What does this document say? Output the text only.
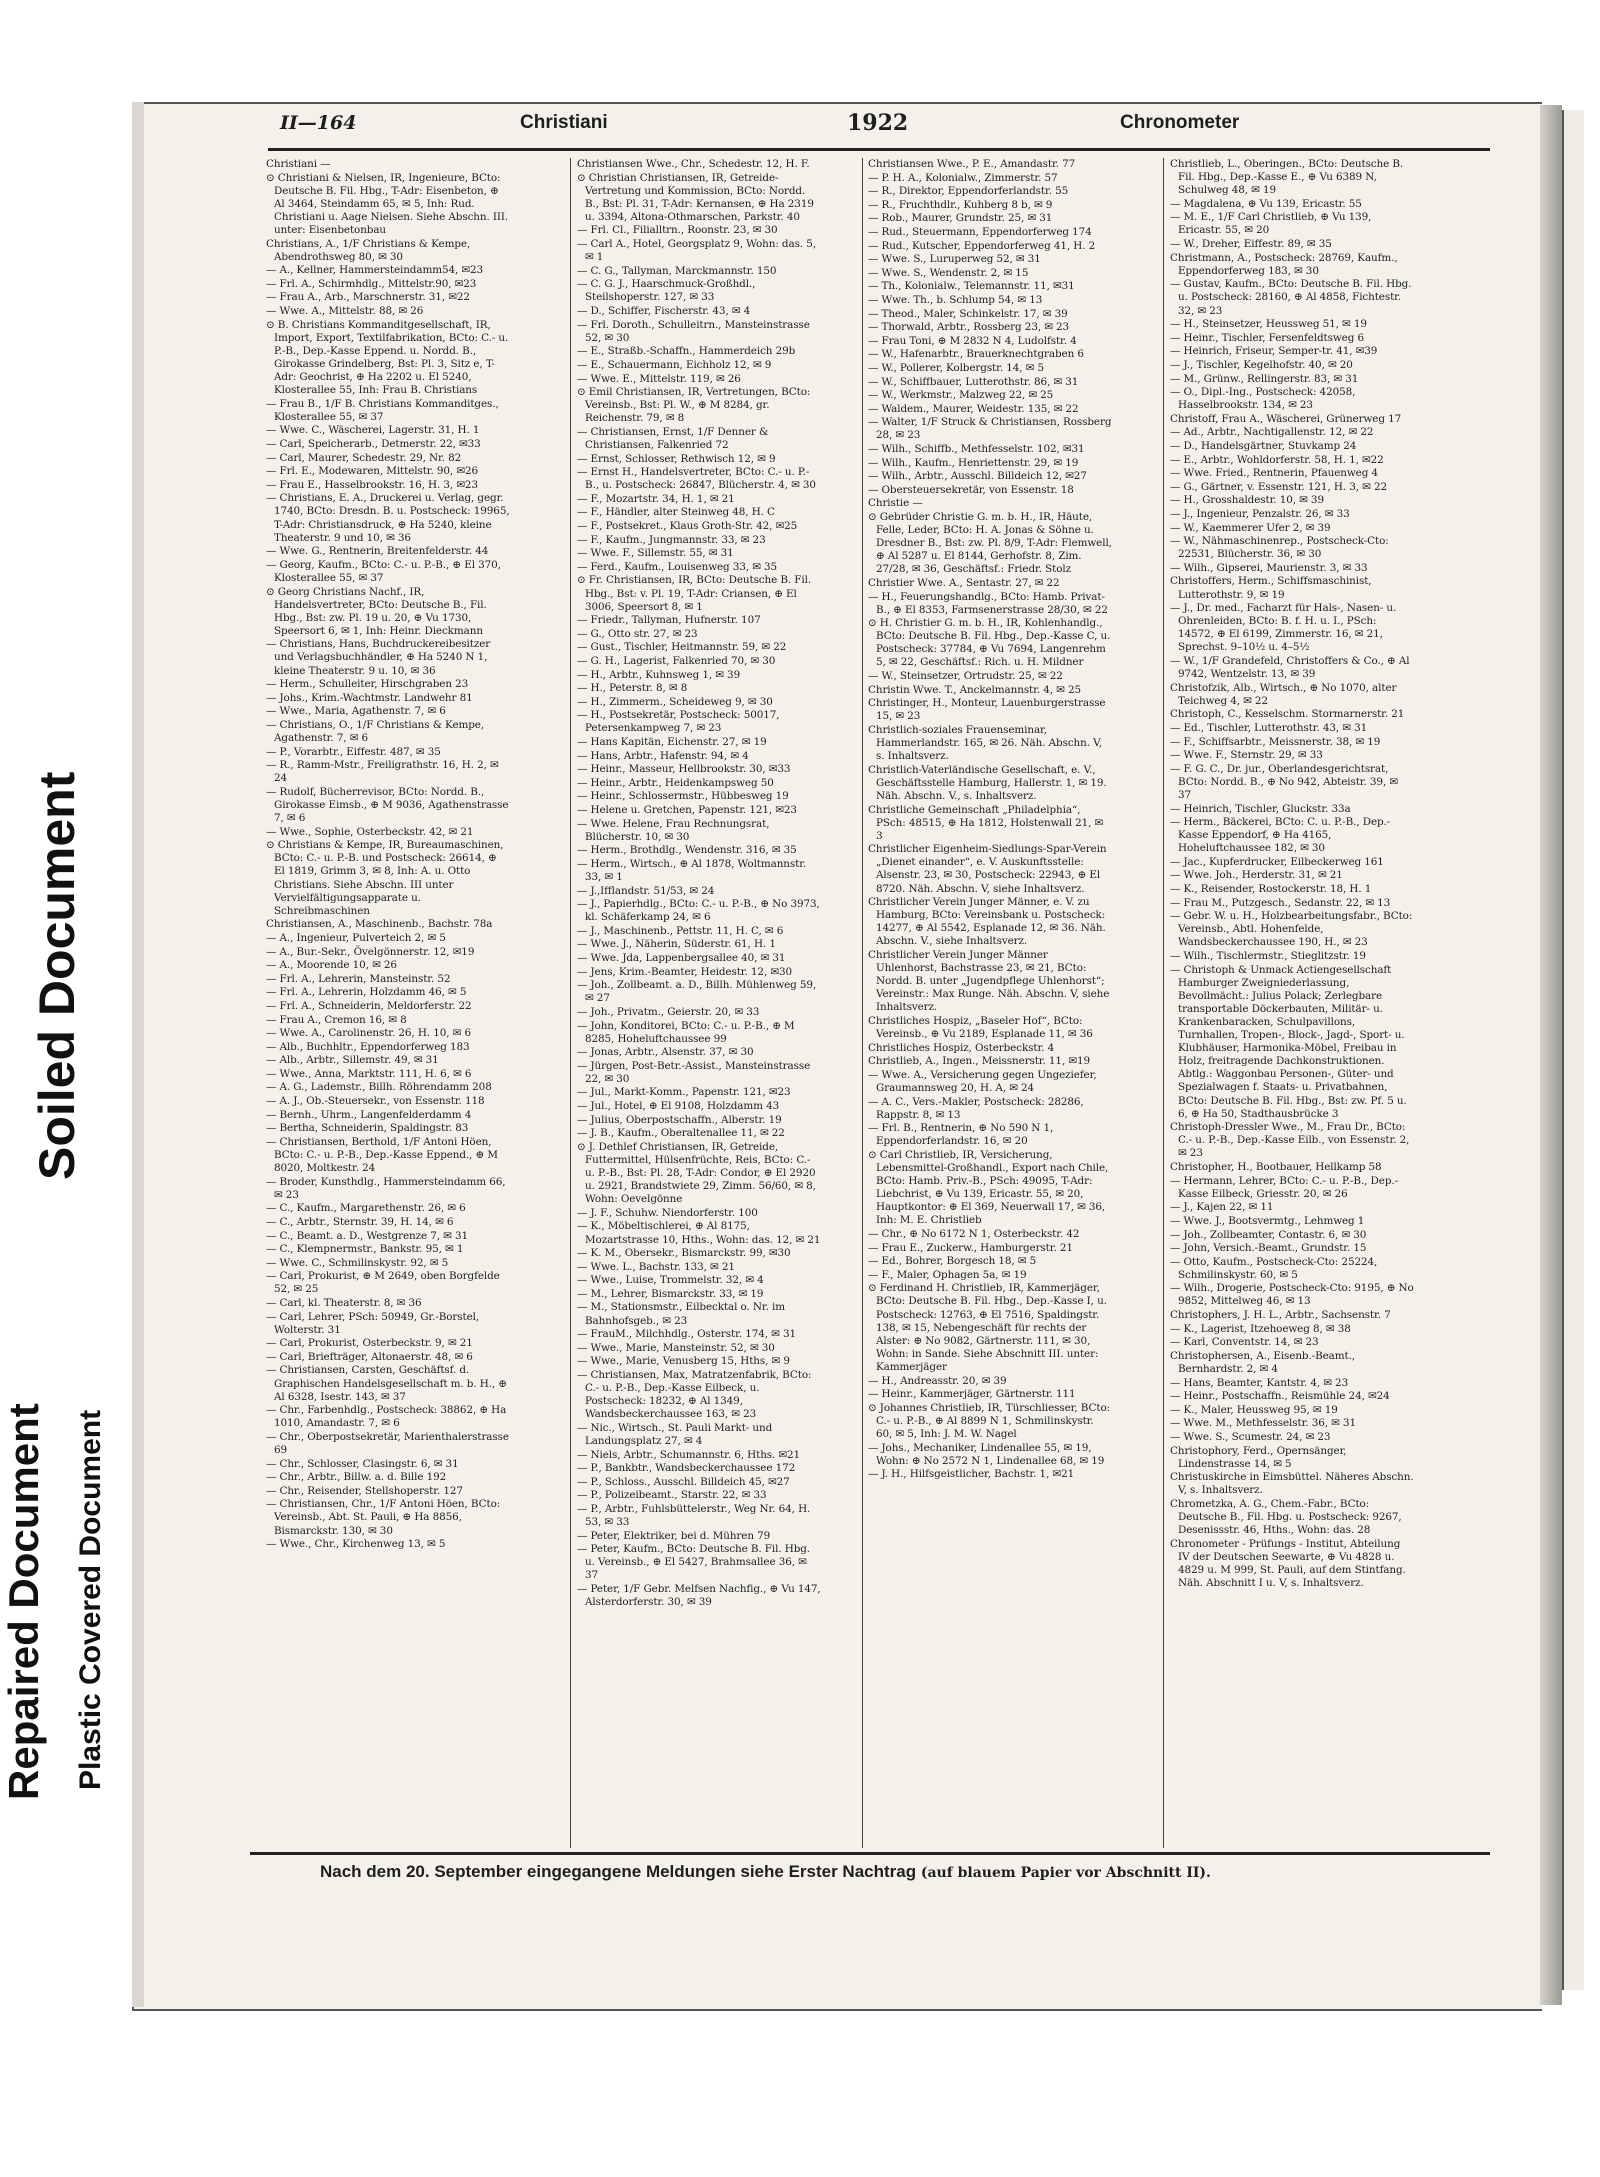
Soiled Document
Repaired Document Plastic Covered Document
II—164	Christiani	1922	Chronometer
Christiani —
⊙ Christiani & Nielsen, IR, Ingenieure, BCto: Deutsche B. Fil. Hbg., T-Adr: Eisenbeton, ⊕ Al 3464, Steindamm 65, ✉ 5, Inh: Rud. Christiani u. Aage Nielsen. Siehe Abschn. III. unter: Eisenbetonbau
Christians, A., 1/F Christians & Kempe, Abendrothsweg 80, ✉ 30
— A., Kellner, Hammersteindamm54, ✉23
— Frl. A., Schirmhdlg., Mittelstr.90, ✉23
— Frau A., Arb., Marschnerstr. 31, ✉22
— Wwe. A., Mittelstr. 88, ✉ 26
⊙ B. Christians Kommanditgesellschaft, IR, Import, Export, Textilfabrikation, BCto: C.- u. P.-B., Dep.-Kasse Eppend. u. Nordd. B., Girokasse Grindelberg, Bst: Pl. 3, Sitz e, T-Adr: Geochrist, ⊕ Ha 2202 u. El 5240, Klosterallee 55, Inh: Frau B. Christians
— Frau B., 1/F B. Christians Kommanditges., Klosterallee 55, ✉ 37
— Wwe. C., Wäscherei, Lagerstr. 31, H. 1
— Carl, Speicherarb., Detmerstr. 22, ✉33
— Carl, Maurer, Schedestr. 29, Nr. 82
— Frl. E., Modewaren, Mittelstr. 90, ✉26
— Frau E., Hasselbrookstr. 16, H. 3, ✉23
— Christians, E. A., Druckerei u. Verlag, gegr. 1740, BCto: Dresdn. B. u. Postscheck: 19965, T-Adr: Christiansdruck, ⊕ Ha 5240, kleine Theaterstr. 9 und 10, ✉ 36
— Wwe. G., Rentnerin, Breitenfelderstr. 44
— Georg, Kaufm., BCto: C.- u. P.-B., ⊕ El 370, Klosterallee 55, ✉ 37
⊙ Georg Christians Nachf., IR, Handelsvertreter, BCto: Deutsche B., Fil. Hbg., Bst: zw. Pl. 19 u. 20, ⊕ Vu 1730, Speersort 6, ✉ 1, Inh: Heinr. Dieckmann
— Christians, Hans, Buchdruckereibesitzer und Verlagsbuchhändler, ⊕ Ha 5240 N 1, kleine Theaterstr. 9 u. 10, ✉ 36
— Herm., Schulleiter, Hirschgraben 23
— Johs., Krim.-Wachtmstr. Landwehr 81
— Wwe., Maria, Agathenstr. 7, ✉ 6
— Christians, O., 1/F Christians & Kempe, Agathenstr. 7, ✉ 6
— P., Vorarbtr., Eiffestr. 487, ✉ 35
— R., Ramm-Mstr., Freiligrathstr. 16, H. 2, ✉ 24
— Rudolf, Bücherrevisor, BCto: Nordd. B., Girokasse Eimsb., ⊕ M 9036, Agathenstrasse 7, ✉ 6
— Wwe., Sophie, Osterbeckstr. 42, ✉ 21
⊙ Christians & Kempe, IR, Bureaumaschinen, BCto: C.- u. P.-B. und Postscheck: 26614, ⊕ El 1819, Grimm 3, ✉ 8, Inh: A. u. Otto Christians. Siehe Abschn. III unter Vervielfältigungsapparate u. Schreibmaschinen
Christiansen, A., Maschinenb., Bachstr. 78a
— A., Ingenieur, Pulverteich 2, ✉ 5
— A., Bur.-Sekr., Övelgönnerstr. 12, ✉19
— A., Moorende 10, ✉ 26
— Frl. A., Lehrerin, Mansteinstr. 52
— Frl. A., Lehrerin, Holzdamm 46, ✉ 5
— Frl. A., Schneiderin, Meldorferstr. 22
— Frau A., Cremon 16, ✉ 8
— Wwe. A., Carolinenstr. 26, H. 10, ✉ 6
— Alb., Buchhltr., Eppendorferweg 183
— Alb., Arbtr., Sillemstr. 49, ✉ 31
— Wwe., Anna, Marktstr. 111, H. 6, ✉ 6
— A. G., Lademstr., Billh. Röhrendamm 208
— A. J., Ob.-Steuersekr., von Essenstr. 118
— Bernh., Uhrm., Langenfelderdamm 4
— Bertha, Schneiderin, Spaldingstr. 83
— Christiansen, Berthold, 1/F Antoni Höen, BCto: C.- u. P.-B., Dep.-Kasse Eppend., ⊕ M 8020, Moltkestr. 24
— Broder, Kunsthdlg., Hammersteindamm 66, ✉ 23
— C., Kaufm., Margarethenstr. 26, ✉ 6
— C., Arbtr., Sternstr. 39, H. 14, ✉ 6
— C., Beamt. a. D., Westgrenze 7, ✉ 31
— C., Klempnermstr., Bankstr. 95, ✉ 1
— Wwe. C., Schmilinskystr. 92, ✉ 5
— Carl, Prokurist, ⊕ M 2649, oben Borgfelde 52, ✉ 25
— Carl, kl. Theaterstr. 8, ✉ 36
— Carl, Lehrer, PSch: 50949, Gr.-Borstel, Wolterstr. 31
— Carl, Prokurist, Osterbeckstr. 9, ✉ 21
— Carl, Briefträger, Altonaerstr. 48, ✉ 6
— Christiansen, Carsten, Geschäftsf. d. Graphischen Handelsgesellschaft m. b. H., ⊕ Al 6328, Isestr. 143, ✉ 37
— Chr., Farbenhdlg., Postscheck: 38862, ⊕ Ha 1010, Amandastr. 7, ✉ 6
— Chr., Oberpostsekretär, Marienthalerstrasse 69
— Chr., Schlosser, Clasingstr. 6, ✉ 31
— Chr., Arbtr., Billw. a. d. Bille 192
— Chr., Reisender, Stellshoperstr. 127
— Christiansen, Chr., 1/F Antoni Höen, BCto: Vereinsb., Abt. St. Pauli, ⊕ Ha 8856, Bismarckstr. 130, ✉ 30
— Wwe., Chr., Kirchenweg 13, ✉ 5
Christiansen Wwe., Chr., Schedestr. 12, H. F.
⊙ Christian Christiansen, IR, Getreide-Vertretung und Kommission, BCto: Nordd. B., Bst: Pl. 31, T-Adr: Kernansen, ⊕ Ha 2319 u. 3394, Altona-Othmarschen, Parkstr. 40
— Frl. Cl., Filialltrn., Roonstr. 23, ✉ 30
— Carl A., Hotel, Georgsplatz 9, Wohn: das. 5, ✉ 1
— C. G., Tallyman, Marckmannstr. 150
— C. G. J., Haarschmuck-Großhdl., Steilshoperstr. 127, ✉ 33
— D., Schiffer, Fischerstr. 43, ✉ 4
— Frl. Doroth., Schulleitrn., Mansteinstrasse 52, ✉ 30
— E., Straßb.-Schaffn., Hammerdeich 29b
— E., Schauermann, Eichholz 12, ✉ 9
— Wwe. E., Mittelstr. 119, ✉ 26
⊙ Emil Christiansen, IR, Vertretungen, BCto: Vereinsb., Bst: Pl. W., ⊕ M 8284, gr. Reichenstr. 79, ✉ 8
— Christiansen, Ernst, 1/F Denner & Christiansen, Falkenried 72
— Ernst, Schlosser, Rethwisch 12, ✉ 9
— Ernst H., Handelsvertreter, BCto: C.- u. P.-B., u. Postscheck: 26847, Blücherstr. 4, ✉ 30
— F., Mozartstr. 34, H. 1, ✉ 21
— F., Händler, alter Steinweg 48, H. C
— F., Postsekret., Klaus Groth-Str. 42, ✉25
— F., Kaufm., Jungmannstr. 33, ✉ 23
— Wwe. F., Sillemstr. 55, ✉ 31
— Ferd., Kaufm., Louisenweg 33, ✉ 35
⊙ Fr. Christiansen, IR, BCto: Deutsche B. Fil. Hbg., Bst: v. Pl. 19, T-Adr: Criansen, ⊕ El 3006, Speersort 8, ✉ 1
— Friedr., Tallyman, Hufnerstr. 107
— G., Otto str. 27, ✉ 23
— Gust., Tischler, Heitmannstr. 59, ✉ 22
— G. H., Lagerist, Falkenried 70, ✉ 30
— H., Arbtr., Kuhnsweg 1, ✉ 39
— H., Peterstr. 8, ✉ 8
— H., Zimmerm., Scheideweg 9, ✉ 30
— H., Postsekretär, Postscheck: 50017, Petersenkampweg 7, ✉ 23
— Hans Kapitän, Eichenstr. 27, ✉ 19
— Hans, Arbtr., Hafenstr. 94, ✉ 4
— Heinr., Masseur, Hellbrookstr. 30, ✉33
— Heinr., Arbtr., Heidenkampsweg 50
— Heinr., Schlossermstr., Hübbesweg 19
— Helene u. Gretchen, Papenstr. 121, ✉23
— Wwe. Helene, Frau Rechnungsrat, Blücherstr. 10, ✉ 30
— Herm., Brothdlg., Wendenstr. 316, ✉ 35
— Herm., Wirtsch., ⊕ Al 1878, Woltmannstr. 33, ✉ 1
— J.,Ifflandstr. 51/53, ✉ 24
— J., Papierhdlg., BCto: C.- u. P.-B., ⊕ No 3973, kl. Schäferkamp 24, ✉ 6
— J., Maschinenb., Pettstr. 11, H. C, ✉ 6
— Wwe. J., Näherin, Süderstr. 61, H. 1
— Wwe. Jda, Lappenbergsallee 40, ✉ 31
— Jens, Krim.-Beamter, Heidestr. 12, ✉30
— Joh., Zollbeamt. a. D., Billh. Mühlenweg 59, ✉ 27
— Joh., Privatm., Geierstr. 20, ✉ 33
— John, Konditorei, BCto: C.- u. P.-B., ⊕ M 8285, Hoheluftchaussee 99
— Jonas, Arbtr., Alsenstr. 37, ✉ 30
— Jürgen, Post-Betr.-Assist., Mansteinstrasse 22, ✉ 30
— Jul., Markt-Komm., Papenstr. 121, ✉23
— Jul., Hotel, ⊕ El 9108, Holzdamm 43
— Julius, Oberpostschaffn., Alberstr. 19
— J. B., Kaufm., Oberaltenallee 11, ✉ 22
⊙ J. Dethlef Christiansen, IR, Getreide, Futtermittel, Hülsenfrüchte, Reis, BCto: C.- u. P.-B., Bst: Pl. 28, T-Adr: Condor, ⊕ El 2920 u. 2921, Brandstwiete 29, Zimm. 56/60, ✉ 8, Wohn: Oevelgönne
— J. F., Schuhw. Niendorferstr. 100
— K., Möbeltischlerei, ⊕ Al 8175, Mozartstrasse 10, Hths., Wohn: das. 12, ✉ 21
— K. M., Obersekr., Bismarckstr. 99, ✉30
— Wwe. L., Bachstr. 133, ✉ 21
— Wwe., Luise, Trommelstr. 32, ✉ 4
— M., Lehrer, Bismarckstr. 33, ✉ 19
— M., Stationsmstr., Eilbecktal o. Nr. im Bahnhofsgeb., ✉ 23
— FrauM., Milchhdlg., Osterstr. 174, ✉ 31
— Wwe., Marie, Mansteinstr. 52, ✉ 30
— Wwe., Marie, Venusberg 15, Hths, ✉ 9
— Christiansen, Max, Matratzenfabrik, BCto: C.- u. P.-B., Dep.-Kasse Eilbeck, u. Postscheck: 18232, ⊕ Al 1349, Wandsbeckerchaussee 163, ✉ 23
— Nic., Wirtsch., St. Pauli Markt- und Landungsplatz 27, ✉ 4
— Niels, Arbtr., Schumannstr. 6, Hths. ✉21
— P., Bankbtr., Wandsbeckerchaussee 172
— P., Schloss., Ausschl. Billdeich 45, ✉27
— P., Polizeibeamt., Starstr. 22, ✉ 33
— P., Arbtr., Fuhlsbüttelerstr., Weg Nr. 64, H. 53, ✉ 33
— Peter, Elektriker, bei d. Mühren 79
— Peter, Kaufm., BCto: Deutsche B. Fil. Hbg. u. Vereinsb., ⊕ El 5427, Brahmsallee 36, ✉ 37
— Peter, 1/F Gebr. Melfsen Nachfig., ⊕ Vu 147, Alsterdorferstr. 30, ✉ 39
Christiansen Wwe., P. E., Amandastr. 77
— P. H. A., Kolonialw., Zimmerstr. 57
— R., Direktor, Eppendorferlandstr. 55
— R., Fruchthdlr., Kuhberg 8 b, ✉ 9
— Rob., Maurer, Grundstr. 25, ✉ 31
— Rud., Steuermann, Eppendorferweg 174
— Rud., Kutscher, Eppendorferweg 41, H. 2
— Wwe. S., Luruperweg 52, ✉ 31
— Wwe. S., Wendenstr. 2, ✉ 15
— Th., Kolonialw., Telemannstr. 11, ✉31
— Wwe. Th., b. Schlump 54, ✉ 13
— Theod., Maler, Schinkelstr. 17, ✉ 39
— Thorwald, Arbtr., Rossberg 23, ✉ 23
— Frau Toni, ⊕ M 2832 N 4, Ludolfstr. 4
— W., Hafenarbtr., Brauerknechtgraben 6
— W., Pollerer, Kolbergstr. 14, ✉ 5
— W., Schiffbauer, Lutterothstr. 86, ✉ 31
— W., Werkmstr., Malzweg 22, ✉ 25
— Waldem., Maurer, Weidestr. 135, ✉ 22
— Walter, 1/F Struck & Christiansen, Rossberg 28, ✉ 23
— Wilh., Schiffb., Methfesselstr. 102, ✉31
— Wilh., Kaufm., Henriettenstr. 29, ✉ 19
— Wilh., Arbtr., Ausschl. Billdeich 12, ✉27
— Obersteuersekretär, von Essenstr. 18
Christie —
⊙ Gebrüder Christie G. m. b. H., IR, Häute, Felle, Leder, BCto: H. A. Jonas & Söhne u. Dresdner B., Bst: zw. Pl. 8/9, T-Adr: Flemwell, ⊕ Al 5287 u. El 8144, Gerhofstr. 8, Zim. 27/28, ✉ 36, Geschäftsf.: Friedr. Stolz
Christier Wwe. A., Sentastr. 27, ✉ 22
— H., Feuerungshandlg., BCto: Hamb. Privat-B., ⊕ El 8353, Farmsenerstrasse 28/30, ✉ 22
⊙ H. Christier G. m. b. H., IR, Kohlenhandlg., BCto: Deutsche B. Fil. Hbg., Dep.-Kasse C, u. Postscheck: 37784, ⊕ Vu 7694, Langenrehm 5, ✉ 22, Geschäftsf.: Rich. u. H. Mildner
— W., Steinsetzer, Ortrudstr. 25, ✉ 22
Christin Wwe. T., Anckelmannstr. 4, ✉ 25
Christinger, H., Monteur, Lauenburgerstrasse 15, ✉ 23
Christlich-soziales Frauenseminar, Hammerlandstr. 165, ✉ 26. Näh. Abschn. V, s. Inhaltsverz.
Christlich-Vaterländische Gesellschaft, e. V., Geschäftsstelle Hamburg, Hallerstr. 1, ✉ 19. Näh. Abschn. V., s. Inhaltsverz.
Christliche Gemeinschaft „Philadelphia“, PSch: 48515, ⊕ Ha 1812, Holstenwall 21, ✉ 3
Christlicher Eigenheim-Siedlungs-Spar-Verein „Dienet einander“, e. V. Auskunftsstelle: Alsenstr. 23, ✉ 30, Postscheck: 22943, ⊕ El 8720. Näh. Abschn. V, siehe Inhaltsverz.
Christlicher Verein Junger Männer, e. V. zu Hamburg, BCto: Vereinsbank u. Postscheck: 14277, ⊕ Al 5542, Esplanade 12, ✉ 36. Näh. Abschn. V., siehe Inhaltsverz.
Christlicher Verein Junger Männer Uhlenhorst, Bachstrasse 23, ✉ 21, BCto: Nordd. B. unter „Jugendpflege Uhlenhorst“; Vereinstr.: Max Runge. Näh. Abschn. V, siehe Inhaltsverz.
Christliches Hospiz, „Baseler Hof“, BCto: Vereinsb., ⊕ Vu 2189, Esplanade 11, ✉ 36
Christliches Hospiz, Osterbeckstr. 4
Christlieb, A., Ingen., Meissnerstr. 11, ✉19
— Wwe. A., Versicherung gegen Ungeziefer, Graumannsweg 20, H. A, ✉ 24
— A. C., Vers.-Makler, Postscheck: 28286, Rappstr. 8, ✉ 13
— Frl. B., Rentnerin, ⊕ No 590 N 1, Eppendorferlandstr. 16, ✉ 20
⊙ Carl Christlieb, IR, Versicherung, Lebensmittel-Großhandl., Export nach Chile, BCto: Hamb. Priv.-B., PSch: 49095, T-Adr: Liebchrist, ⊕ Vu 139, Ericastr. 55, ✉ 20, Hauptkontor: ⊕ El 369, Neuerwall 17, ✉ 36, Inh: M. E. Christlieb
— Chr., ⊕ No 6172 N 1, Osterbeckstr. 42
— Frau E., Zuckerw., Hamburgerstr. 21
— Ed., Bohrer, Borgesch 18, ✉ 5
— F., Maler, Ophagen 5a, ✉ 19
⊙ Ferdinand H. Christlieb, IR, Kammerjäger, BCto: Deutsche B. Fil. Hbg., Dep.-Kasse I, u. Postscheck: 12763, ⊕ El 7516, Spaldingstr. 138, ✉ 15, Nebengeschäft für rechts der Alster: ⊕ No 9082, Gärtnerstr. 111, ✉ 30, Wohn: in Sande. Siehe Abschnitt III. unter: Kammerjäger
— H., Andreasstr. 20, ✉ 39
— Heinr., Kammerjäger, Gärtnerstr. 111
⊙ Johannes Christlieb, IR, Türschliesser, BCto: C.- u. P.-B., ⊕ Al 8899 N 1, Schmilinskystr. 60, ✉ 5, Inh: J. M. W. Nagel
— Johs., Mechaniker, Lindenallee 55, ✉ 19, Wohn: ⊕ No 2572 N 1, Lindenallee 68, ✉ 19
— J. H., Hilfsgeistlicher, Bachstr. 1, ✉21
Christlieb, L., Oberingen., BCto: Deutsche B. Fil. Hbg., Dep.-Kasse E., ⊕ Vu 6389 N, Schulweg 48, ✉ 19
— Magdalena, ⊕ Vu 139, Ericastr. 55
— M. E., 1/F Carl Christlieb, ⊕ Vu 139, Ericastr. 55, ✉ 20
— W., Dreher, Eiffestr. 89, ✉ 35
Christmann, A., Postscheck: 28769, Kaufm., Eppendorferweg 183, ✉ 30
— Gustav, Kaufm., BCto: Deutsche B. Fil. Hbg. u. Postscheck: 28160, ⊕ Al 4858, Fichtestr. 32, ✉ 23
— H., Steinsetzer, Heussweg 51, ✉ 19
— Heinr., Tischler, Fersenfeldtsweg 6
— Heinrich, Friseur, Semper-tr. 41, ✉39
— J., Tischler, Kegelhofstr. 40, ✉ 20
— M., Grünw., Rellingerstr. 83, ✉ 31
— O., Dipl.-Ing., Postscheck: 42058, Hasselbrookstr. 134, ✉ 23
Christoff, Frau A., Wäscherei, Grünerweg 17
— Ad., Arbtr., Nachtigallenstr. 12, ✉ 22
— D., Handelsgärtner, Stuvkamp 24
— E., Arbtr., Wohldorferstr. 58, H. 1, ✉22
— Wwe. Fried., Rentnerin, Pfauenweg 4
— G., Gärtner, v. Essenstr. 121, H. 3, ✉ 22
— H., Grosshaldestr. 10, ✉ 39
— J., Ingenieur, Penzalstr. 26, ✉ 33
— W., Kaemmerer Ufer 2, ✉ 39
— W., Nähmaschinenrep., Postscheck-Cto: 22531, Blücherstr. 36, ✉ 30
— Wilh., Gipserei, Maurienstr. 3, ✉ 33
Christoffers, Herm., Schiffsmaschinist, Lutterothstr. 9, ✉ 19
— J., Dr. med., Facharzt für Hals-, Nasen- u. Ohrenleiden, BCto: B. f. H. u. I., PSch: 14572, ⊕ El 6199, Zimmerstr. 16, ✉ 21, Sprechst. 9–10½ u. 4–5½
— W., 1/F Grandefeld, Christoffers & Co., ⊕ Al 9742, Wentzelstr. 13, ✉ 39
Christofzik, Alb., Wirtsch., ⊕ No 1070, alter Teichweg 4, ✉ 22
Christoph, C., Kesselschm. Stormarnerstr. 21
— Ed., Tischler, Lutterothstr. 43, ✉ 31
— F., Schiffsarbtr., Meissnerstr. 38, ✉ 19
— Wwe. F., Sternstr. 29, ✉ 33
— F. G. C., Dr. jur., Oberlandesgerichtsrat, BCto: Nordd. B., ⊕ No 942, Abteistr. 39, ✉ 37
— Heinrich, Tischler, Gluckstr. 33a
— Herm., Bäckerei, BCto: C. u. P.-B., Dep.-Kasse Eppendorf, ⊕ Ha 4165, Hoheluftchaussee 182, ✉ 30
— Jac., Kupferdrucker, Eilbeckerweg 161
— Wwe. Joh., Herderstr. 31, ✉ 21
— K., Reisender, Rostockerstr. 18, H. 1
— Frau M., Putzgesch., Sedanstr. 22, ✉ 13
— Gebr. W. u. H., Holzbearbeitungsfabr., BCto: Vereinsb., Abtl. Hohenfelde, Wandsbeckerchaussee 190, H., ✉ 23
— Wilh., Tischlermstr., Stieglitzstr. 19
— Christoph & Unmack Actiengesellschaft Hamburger Zweigniederlassung, Bevollmächt.: Julius Polack; Zerlegbare transportable Döckerbauten, Militär- u. Krankenbaracken, Schulpavillons, Turnhallen, Tropen-, Block-, Jagd-, Sport- u. Klubhäuser, Harmonika-Möbel, Freibau in Holz, freitragende Dachkonstruktionen. Abtlg.: Waggonbau Personen-, Güter- und Spezialwagen f. Staats- u. Privatbahnen, BCto: Deutsche B. Fil. Hbg., Bst: zw. Pf. 5 u. 6, ⊕ Ha 50, Stadthausbrücke 3
Christoph-Dressler Wwe., M., Frau Dr., BCto: C.- u. P.-B., Dep.-Kasse Eilb., von Essenstr. 2, ✉ 23
Christopher, H., Bootbauer, Hellkamp 58
— Hermann, Lehrer, BCto: C.- u. P.-B., Dep.-Kasse Eilbeck, Griesstr. 20, ✉ 26
— J., Kajen 22, ✉ 11
— Wwe. J., Bootsvermtg., Lehmweg 1
— Joh., Zollbeamter, Contastr. 6, ✉ 30
— John, Versich.-Beamt., Grundstr. 15
— Otto, Kaufm., Postscheck-Cto: 25224, Schmilinskystr. 60, ✉ 5
— Wilh., Drogerie, Postscheck-Cto: 9195, ⊕ No 9852, Mittelweg 46, ✉ 13
Christophers, J. H. L., Arbtr., Sachsenstr. 7
— K., Lagerist, Itzehoeweg 8, ✉ 38
— Karl, Conventstr. 14, ✉ 23
Christophersen, A., Eisenb.-Beamt., Bernhardstr. 2, ✉ 4
— Hans, Beamter, Kantstr. 4, ✉ 23
— Heinr., Postschaffn., Reismühle 24, ✉24
— K., Maler, Heussweg 95, ✉ 19
— Wwe. M., Methfesselstr. 36, ✉ 31
— Wwe. S., Scumestr. 24, ✉ 23
Christophory, Ferd., Opernsänger, Lindenstrasse 14, ✉ 5
Christuskirche in Eimsbüttel. Näheres Abschn. V, s. Inhaltsverz.
Chrometzka, A. G., Chem.-Fabr., BCto: Deutsche B., Fil. Hbg. u. Postscheck: 9267, Desenissstr. 46, Hths., Wohn: das. 28
Chronometer - Prüfungs - Institut, Abteilung IV der Deutschen Seewarte, ⊕ Vu 4828 u. 4829 u. M 999, St. Pauli, auf dem Stintfang. Näh. Abschnitt I u. V, s. Inhaltsverz.
Nach dem 20. September eingegangene Meldungen siehe Erster Nachtrag (auf blauem Papier vor Abschnitt II).
